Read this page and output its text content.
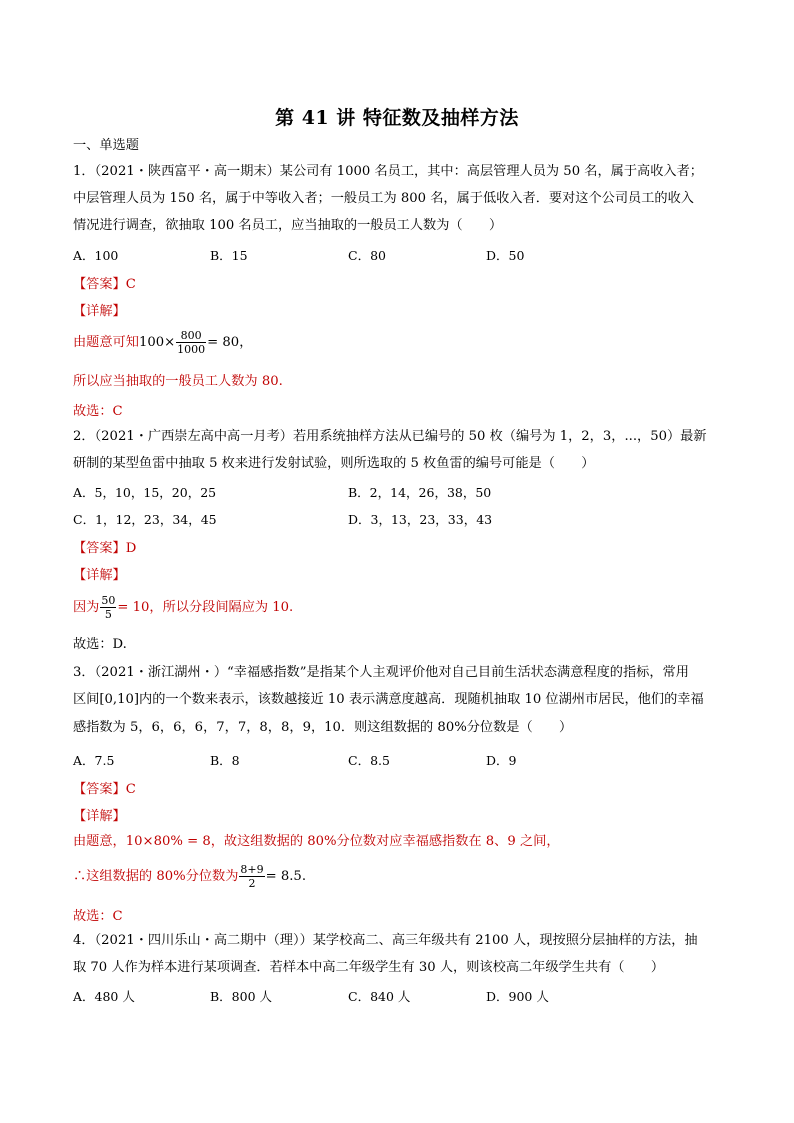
第 41 讲 特征数及抽样方法
一、单选题
1．（2021・陕西富平・高一期末）某公司有 1000 名员工，其中：高层管理人员为 50 名，属于高收入者；
中层管理人员为 150 名，属于中等收入者；一般员工为 800 名，属于低收入者．要对这个公司员工的收入
情况进行调查，欲抽取 100 名员工，应当抽取的一般员工人数为（　　）
A．100	B．15	C．80	D．50
【答案】C
【详解】
由题意可知$100\times \frac{800}{1000} = 80$，
所以应当抽取的一般员工人数为 80.
故选：C
2．（2021・广西崇左高中高一月考）若用系统抽样方法从已编号的 50 枚（编号为 1，2，3，...，50）最新
研制的某型鱼雷中抽取 5 枚来进行发射试验，则所选取的 5 枚鱼雷的编号可能是（　　）
A．5，10，15，20，25	B．2，14，26，38，50
C．1，12，23，34，45	D．3，13，23，33，43
【答案】D
【详解】
因为 $\frac{50}{5} = 10$，所以分段间隔应为 10.
故选：D.
3．（2021・浙江湖州・）“幸福感指数”是指某个人主观评价他对自己目前生活状态满意程度的指标，常用
区间[0,10]内的一个数来表示，该数越接近 10 表示满意度越高．现随机抽取 10 位湖州市居民，他们的幸福
感指数为 5，6，6，6，7，7，8，8，9，10．则这组数据的 80%分位数是（　　）
A．7.5	B．8	C．8.5	D．9
【答案】C
【详解】
由题意，10×80% = 8，故这组数据的 80%分位数对应幸福感指数在 8、9 之间，
∴这组数据的 80%分位数为 $\frac{8+9}{2} = 8.5$.
故选：C
4．（2021・四川乐山・高二期中（理））某学校高二、高三年级共有 2100 人，现按照分层抽样的方法，抽
取 70 人作为样本进行某项调查．若样本中高二年级学生有 30 人，则该校高二年级学生共有（　　）
A．480 人	B．800 人	C．840 人	D．900 人
